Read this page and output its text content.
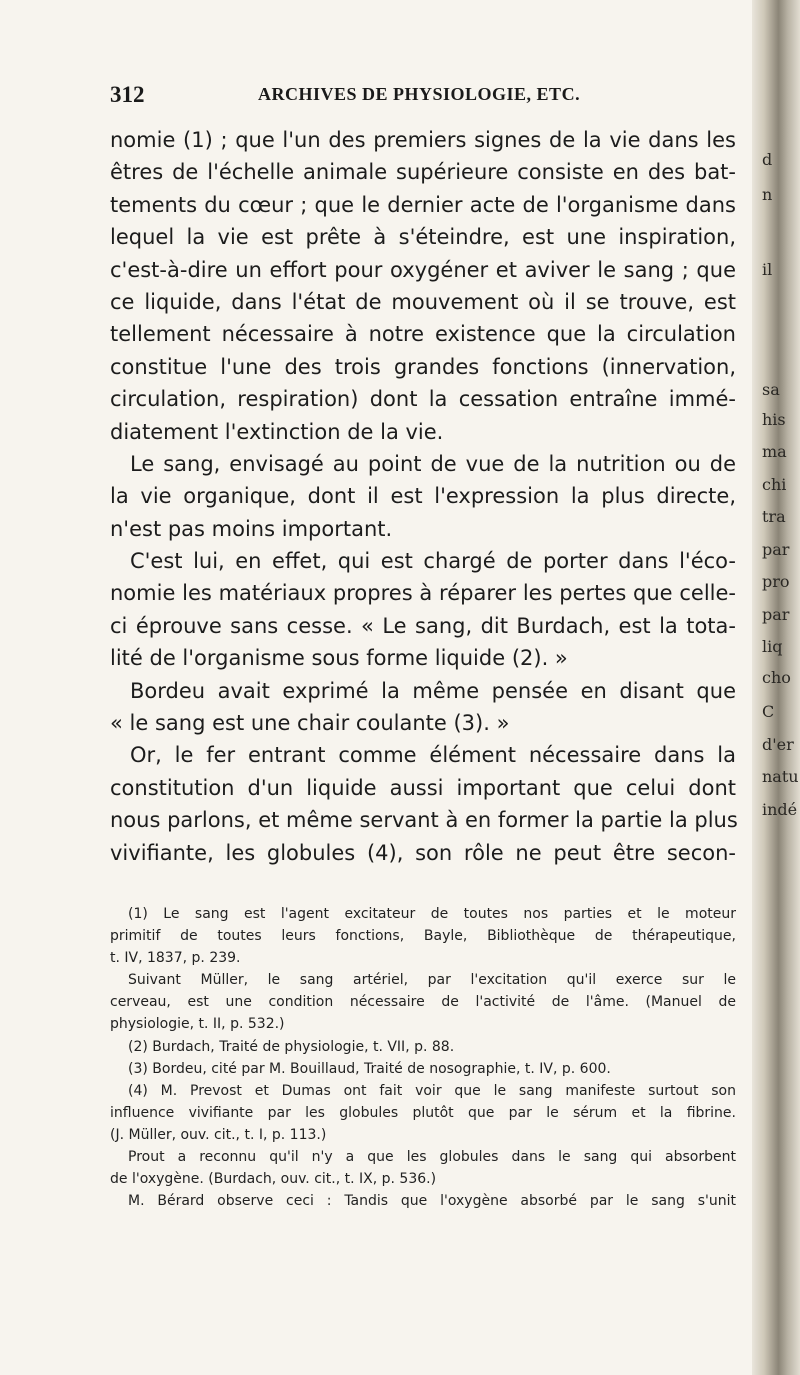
312	ARCHIVES DE PHYSIOLOGIE, ETC.
nomie (1) ; que l'un des premiers signes de la vie dans les
êtres de l'échelle animale supérieure consiste en des bat-
tements du cœur ; que le dernier acte de l'organisme dans
lequel la vie est prête à s'éteindre, est une inspiration,
c'est-à-dire un effort pour oxygéner et aviver le sang ; que
ce liquide, dans l'état de mouvement où il se trouve, est
tellement nécessaire à notre existence que la circulation
constitue l'une des trois grandes fonctions (innervation,
circulation, respiration) dont la cessation entraîne immé-
diatement l'extinction de la vie.
Le sang, envisagé au point de vue de la nutrition ou de
la vie organique, dont il est l'expression la plus directe,
n'est pas moins important.
C'est lui, en effet, qui est chargé de porter dans l'éco-
nomie les matériaux propres à réparer les pertes que celle-
ci éprouve sans cesse. « Le sang, dit Burdach, est la tota-
lité de l'organisme sous forme liquide (2). »
Bordeu avait exprimé la même pensée en disant que
« le sang est une chair coulante (3). »
Or, le fer entrant comme élément nécessaire dans la
constitution d'un liquide aussi important que celui dont
nous parlons, et même servant à en former la partie la plus
vivifiante, les globules (4), son rôle ne peut être secon-
(1) Le sang est l'agent excitateur de toutes nos parties et le moteur
primitif de toutes leurs fonctions, Bayle, Bibliothèque de thérapeutique,
t. IV, 1837, p. 239.
Suivant Müller, le sang artériel, par l'excitation qu'il exerce sur le
cerveau, est une condition nécessaire de l'activité de l'âme. (Manuel de
physiologie, t. II, p. 532.)
(2) Burdach, Traité de physiologie, t. VII, p. 88.
(3) Bordeu, cité par M. Bouillaud, Traité de nosographie, t. IV, p. 600.
(4) M. Prevost et Dumas ont fait voir que le sang manifeste surtout son
influence vivifiante par les globules plutôt que par le sérum et la fibrine.
(J. Müller, ouv. cit., t. I, p. 113.)
Prout a reconnu qu'il n'y a que les globules dans le sang qui absorbent
de l'oxygène. (Burdach, ouv. cit., t. IX, p. 536.)
M. Bérard observe ceci : Tandis que l'oxygène absorbé par le sang s'unit
d
n
il
sa
his
ma
chi
tra
par
pro
par
liq
cho
C
d'er
natu
indé
